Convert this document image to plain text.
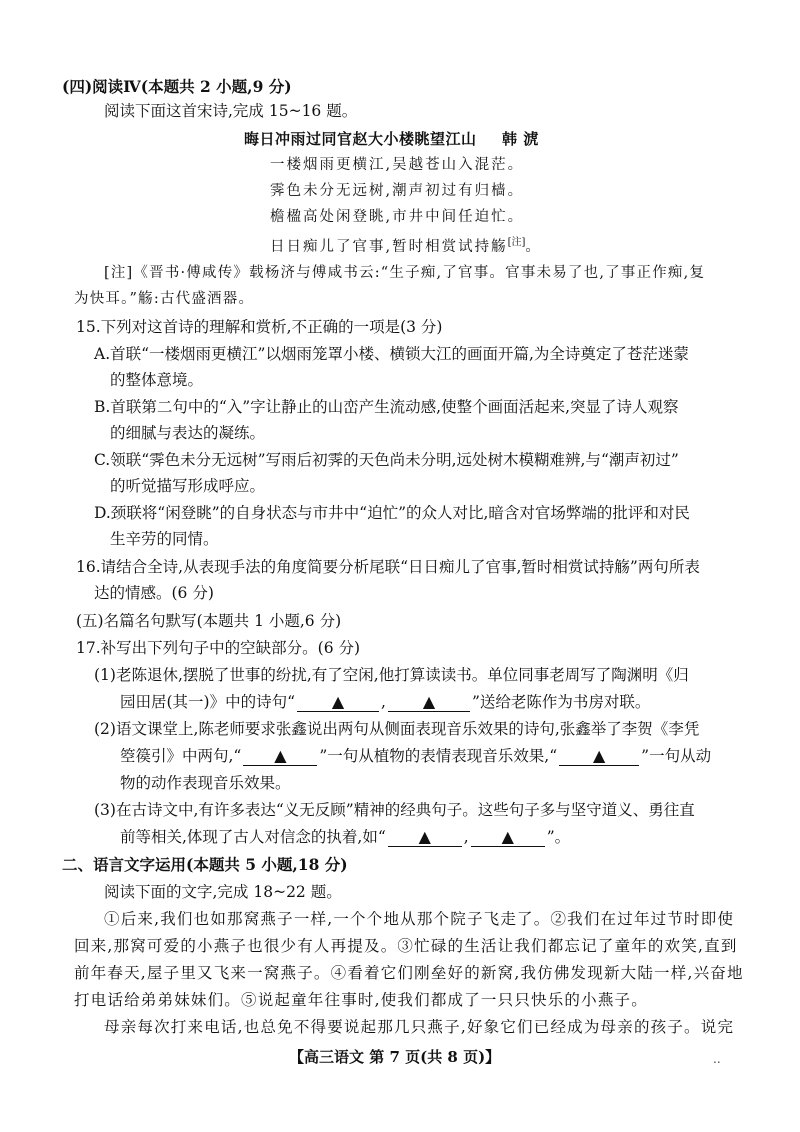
(四)阅读Ⅳ(本题共 2 小题,9 分)
阅读下面这首宋诗,完成 15~16 题。
晦日冲雨过同官赵大小楼眺望江山 韩 淲
一楼烟雨更横江,吴越苍山入混茫。
霁色未分无远树,潮声初过有归樯。
檐楹高处闲登眺,市井中间任迫忙。
日日痴儿了官事,暂时相赏试持觞[注]。
[注]《晋书·傅咸传》载杨济与傅咸书云:“生子痴,了官事。官事未易了也,了事正作痴,复
为快耳。”觞:古代盛酒器。
15.下列对这首诗的理解和赏析,不正确的一项是(3 分)
A.首联“一楼烟雨更横江”以烟雨笼罩小楼、横锁大江的画面开篇,为全诗奠定了苍茫迷蒙
的整体意境。
B.首联第二句中的“入”字让静止的山峦产生流动感,使整个画面活起来,突显了诗人观察
的细腻与表达的凝练。
C.领联“霁色未分无远树”写雨后初霁的天色尚未分明,远处树木模糊难辨,与“潮声初过”
的听觉描写形成呼应。
D.颈联将“闲登眺”的自身状态与市井中“迫忙”的众人对比,暗含对官场弊端的批评和对民
生辛劳的同情。
16.请结合全诗,从表现手法的角度简要分析尾联“日日痴儿了官事,暂时相赏试持觞”两句所表
达的情感。(6 分)
(五)名篇名句默写(本题共 1 小题,6 分)
17.补写出下列句子中的空缺部分。(6 分)
(1)老陈退休,摆脱了世事的纷扰,有了空闲,他打算读读书。单位同事老周写了陶渊明《归
园田居(其一)》中的诗句“ ▲ , ▲ ”送给老陈作为书房对联。
(2)语文课堂上,陈老师要求张鑫说出两句从侧面表现音乐效果的诗句,张鑫举了李贺《李凭
箜篌引》中两句,“ ▲ ”一句从植物的表情表现音乐效果,“ ▲ ”一句从动
物的动作表现音乐效果。
(3)在古诗文中,有许多表达“义无反顾”精神的经典句子。这些句子多与坚守道义、勇往直
前等相关,体现了古人对信念的执着,如“ ▲ , ▲ ”。
二、语言文字运用(本题共 5 小题,18 分)
阅读下面的文字,完成 18~22 题。
①后来,我们也如那窝燕子一样,一个个地从那个院子飞走了。②我们在过年过节时即使
回来,那窝可爱的小燕子也很少有人再提及。③忙碌的生活让我们都忘记了童年的欢笑,直到
前年春天,屋子里又飞来一窝燕子。④看着它们刚垒好的新窝,我仿佛发现新大陆一样,兴奋地
打电话给弟弟妹妹们。⑤说起童年往事时,使我们都成了一只只快乐的小燕子。
母亲每次打来电话,也总免不得要说起那几只燕子,好象它们已经成为母亲的孩子。说完
【高三语文 第 7 页(共 8 页)】	..
